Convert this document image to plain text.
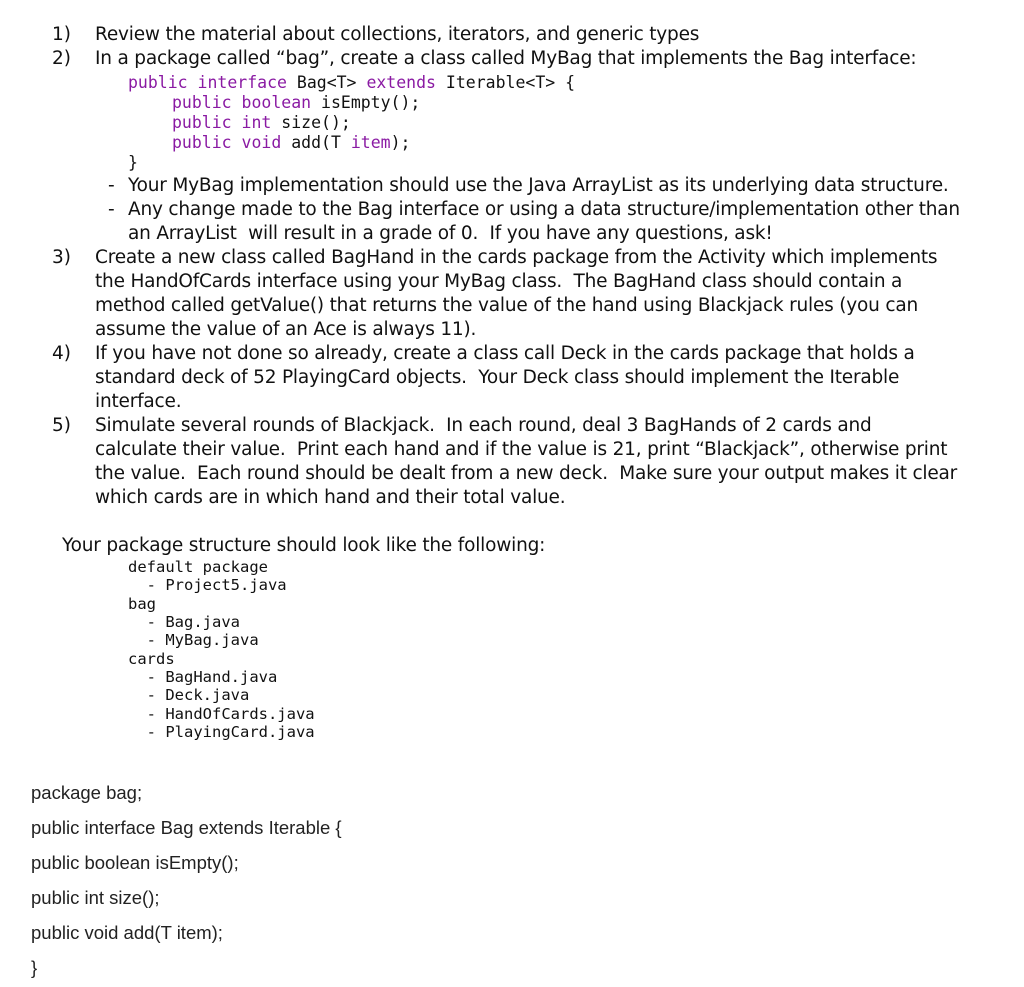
1) Review the material about collections, iterators, and generic types
2) In a package called “bag”, create a class called MyBag that implements the Bag interface:
public interface Bag<T> extends Iterable<T> {
public boolean isEmpty();
public int size();
public void add(T item);
}
- Your MyBag implementation should use the Java ArrayList as its underlying data structure.
- Any change made to the Bag interface or using a data structure/implementation other than
an ArrayList  will result in a grade of 0.  If you have any questions, ask!
3) Create a new class called BagHand in the cards package from the Activity which implements
the HandOfCards interface using your MyBag class.  The BagHand class should contain a
method called getValue() that returns the value of the hand using Blackjack rules (you can
assume the value of an Ace is always 11).
4) If you have not done so already, create a class call Deck in the cards package that holds a
standard deck of 52 PlayingCard objects.  Your Deck class should implement the Iterable
interface.
5) Simulate several rounds of Blackjack.  In each round, deal 3 BagHands of 2 cards and
calculate their value.  Print each hand and if the value is 21, print “Blackjack”, otherwise print
the value.  Each round should be dealt from a new deck.  Make sure your output makes it clear
which cards are in which hand and their total value.
Your package structure should look like the following:
default package
- Project5.java
bag
- Bag.java
- MyBag.java
cards
- BagHand.java
- Deck.java
- HandOfCards.java
- PlayingCard.java
package bag;
public interface Bag extends Iterable {
public boolean isEmpty();
public int size();
public void add(T item);
}
